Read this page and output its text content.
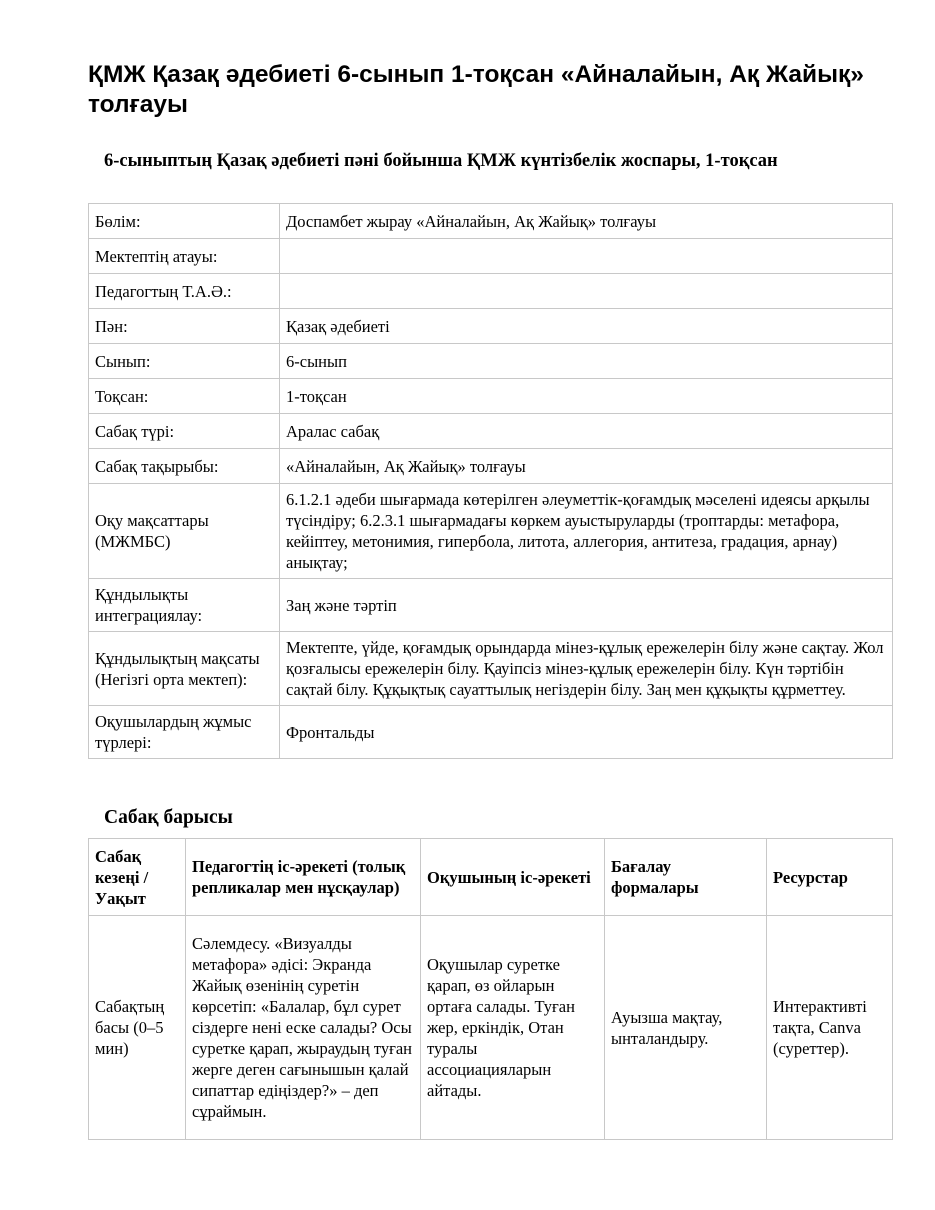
ҚМЖ Қазақ әдебиеті 6-сынып 1-тоқсан «Айналайын, Ақ Жайық» толғауы
6-сыныптың Қазақ әдебиеті пәні бойынша ҚМЖ күнтізбелік жоспары, 1-тоқсан
Бөлім:	Доспамбет жырау «Айналайын, Ақ Жайық» толғауы
Мектептің атауы:	
Педагогтың Т.А.Ә.:	
Пән:	Қазақ әдебиеті
Сынып:	6-сынып
Тоқсан:	1-тоқсан
Сабақ түрі:	Аралас сабақ
Сабақ тақырыбы:	«Айналайын, Ақ Жайық» толғауы
Оқу мақсаттары (МЖМБС)	6.1.2.1 әдеби шығармада көтерілген әлеуметтік-қоғамдық мәселені идеясы арқылы түсіндіру; 6.2.3.1 шығармадағы көркем ауыстыруларды (троптарды: метафора, кейіптеу, метонимия, гипербола, литота, аллегория, антитеза, градация, арнау) анықтау;
Құндылықты интеграциялау:	Заң және тәртіп
Құндылықтың мақсаты (Негізгі орта мектеп):	Мектепте, үйде, қоғамдық орындарда мінез-құлық ережелерін білу және сақтау. Жол қозғалысы ережелерін білу. Қауіпсіз мінез-құлық ережелерін білу. Күн тәртібін сақтай білу. Құқықтық сауаттылық негіздерін білу. Заң мен құқықты құрметтеу.
Оқушылардың жұмыс түрлері:	Фронтальды
Сабақ барысы
Сабақ кезеңі / Уақыт	Педагогтің іс-әрекеті (толық репликалар мен нұсқаулар)	Оқушының іс-әрекеті	Бағалау формалары	Ресурстар
Сабақтың басы (0–5 мин)	Сәлемдесу. «Визуалды метафора» әдісі: Экранда Жайық өзенінің суретін көрсетіп: «Балалар, бұл сурет сіздерге нені еске салады? Осы суретке қарап, жыраудың туған жерге деген сағынышын қалай сипаттар едіңіздер?» – деп сұраймын.	Оқушылар суретке қарап, өз ойларын ортаға салады. Туған жер, еркіндік, Отан туралы ассоциацияларын айтады.	Ауызша мақтау, ынталандыру.	Интерактивті тақта, Canva (суреттер).
